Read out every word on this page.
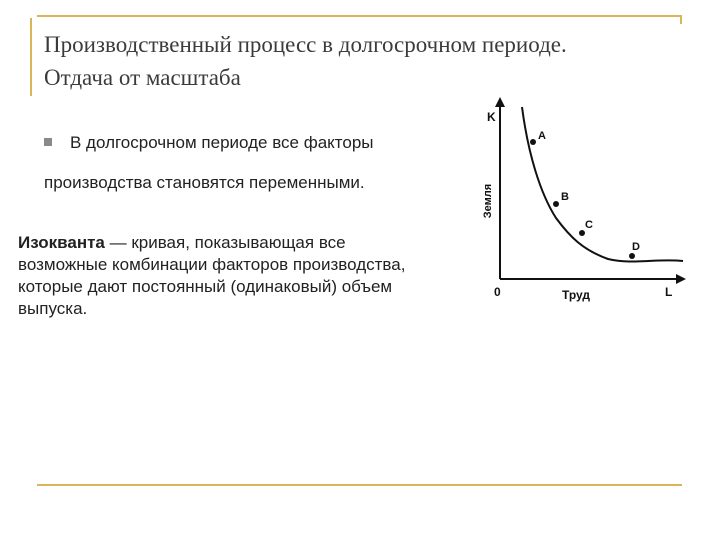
Производственный процесс в долгосрочном периоде.
Отдача от масштаба
В долгосрочном периоде все факторы
производства становятся переменными.
Изокванта — кривая, показывающая все
возможные комбинации факторов производства,
которые дают постоянный (одинаковый) объем
выпуска.
K
L
0
Земля
Труд
A
B
C
D
